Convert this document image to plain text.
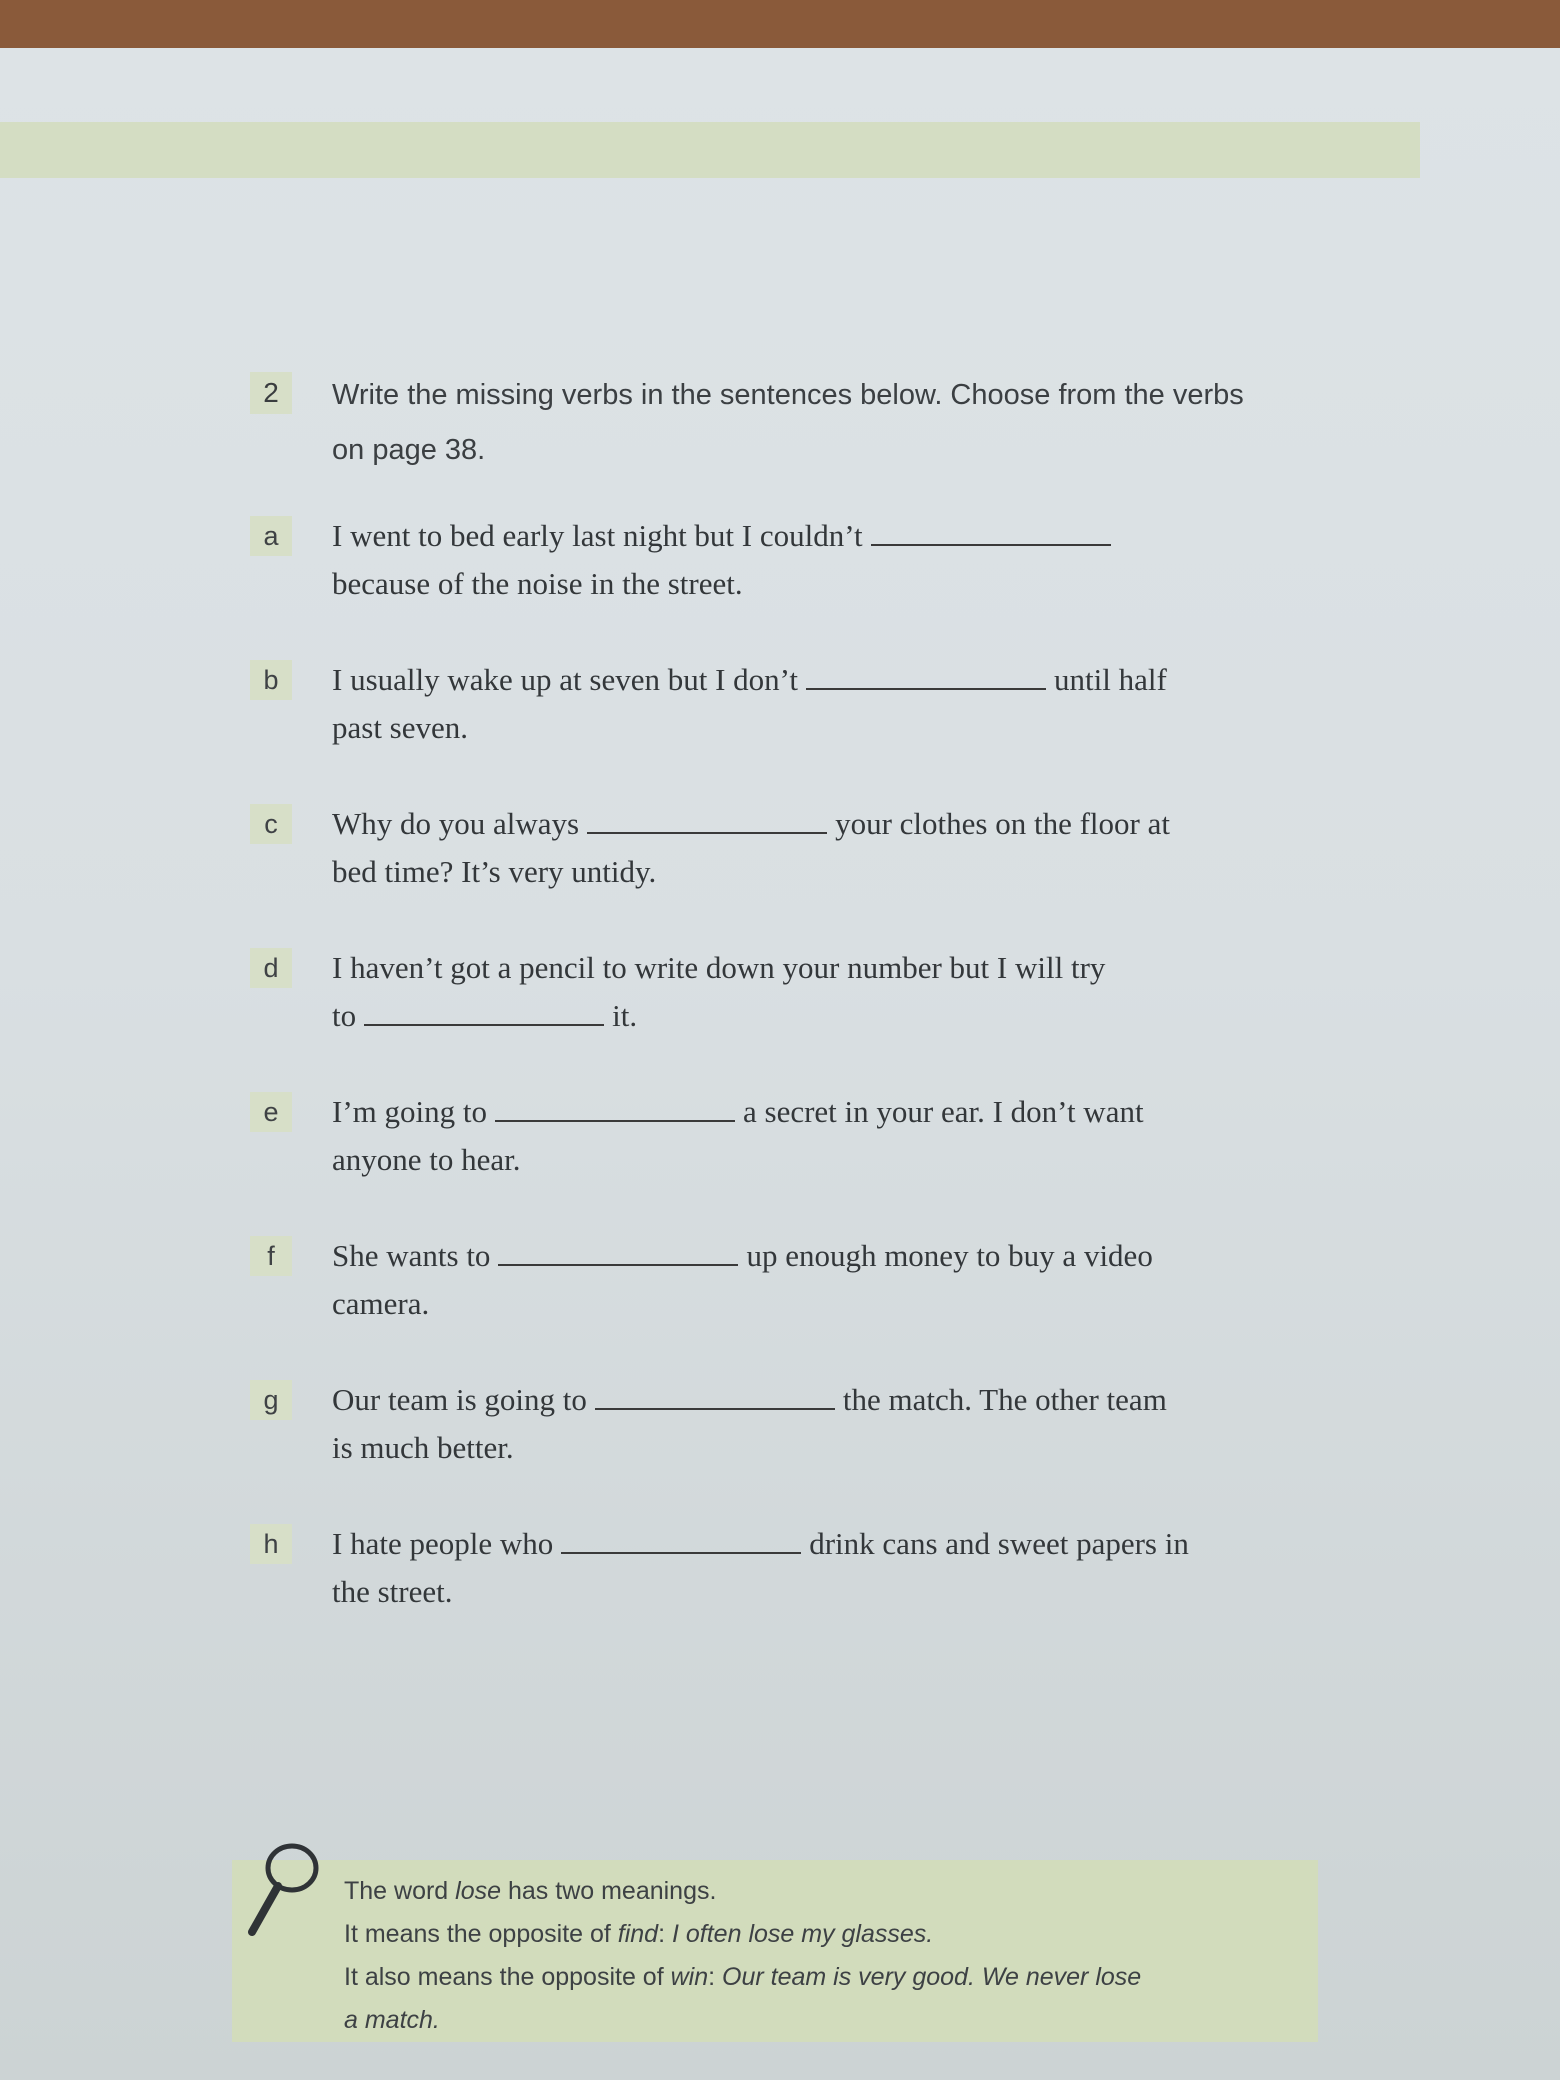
2	Write the missing verbs in the sentences below. Choose from the verbs
on page 38.
a	I went to bed early last night but I couldn’t
because of the noise in the street.
b	I usually wake up at seven but I don’t	until half
past seven.
c	Why do you always	your clothes on the floor at
bed time? It’s very untidy.
d	I haven’t got a pencil to write down your number but I will try
to	it.
e	I’m going to	a secret in your ear. I don’t want
anyone to hear.
f	She wants to	up enough money to buy a video
camera.
g	Our team is going to	the match. The other team
is much better.
h	I hate people who	drink cans and sweet papers in
the street.
The word lose has two meanings.
It means the opposite of find: I often lose my glasses.
It also means the opposite of win: Our team is very good. We never lose
a match.
